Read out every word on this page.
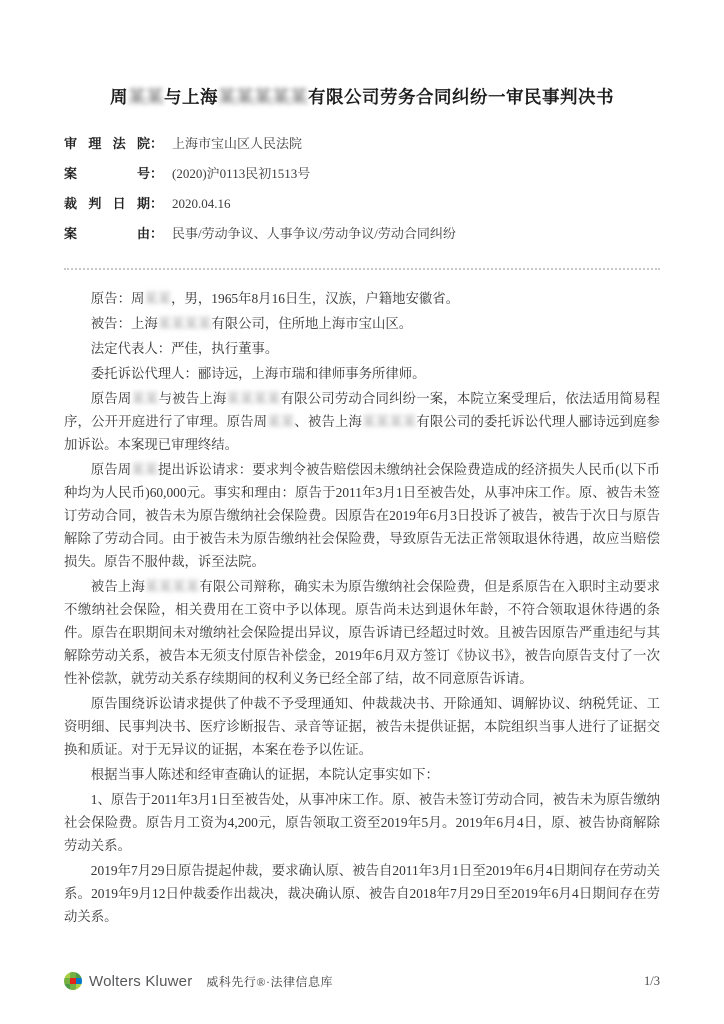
周某某与上海某某某某某有限公司劳务合同纠纷一审民事判决书
审 理 法 院 ： 上海市宝山区人民法院
案	号 ： (2020)沪0113民初1513号
裁 判 日 期 ： 2020.04.16
案	由 ： 民事/劳动争议、人事争议/劳动争议/劳动合同纠纷

原告：周某某，男，1965年8月16日生，汉族，户籍地安徽省。

被告：上海某某某某有限公司，住所地上海市宝山区。

法定代表人：严佳，执行董事。

委托诉讼代理人：郦诗远，上海市瑞和律师事务所律师。

原告周某某与被告上海某某某某有限公司劳动合同纠纷一案，本院立案受理后，依法适用简易程序，公开开庭进行了审理。原告周某某、被告上海某某某某有限公司的委托诉讼代理人郦诗远到庭参加诉讼。本案现已审理终结。

原告周某某提出诉讼请求：要求判令被告赔偿因未缴纳社会保险费造成的经济损失人民币(以下币种均为人民币)60,000元。事实和理由：原告于2011年3月1日至被告处，从事冲床工作。原、被告未签订劳动合同，被告未为原告缴纳社会保险费。因原告在2019年6月3日投诉了被告，被告于次日与原告解除了劳动合同。由于被告未为原告缴纳社会保险费，导致原告无法正常领取退休待遇，故应当赔偿损失。原告不服仲裁，诉至法院。

被告上海某某某某有限公司辩称，确实未为原告缴纳社会保险费，但是系原告在入职时主动要求不缴纳社会保险，相关费用在工资中予以体现。原告尚未达到退休年龄，不符合领取退休待遇的条件。原告在职期间未对缴纳社会保险提出异议，原告诉请已经超过时效。且被告因原告严重违纪与其解除劳动关系，被告本无须支付原告补偿金，2019年6月双方签订《协议书》，被告向原告支付了一次性补偿款，就劳动关系存续期间的权利义务已经全部了结，故不同意原告诉请。

原告围绕诉讼请求提供了仲裁不予受理通知、仲裁裁决书、开除通知、调解协议、纳税凭证、工资明细、民事判决书、医疗诊断报告、录音等证据，被告未提供证据，本院组织当事人进行了证据交换和质证。对于无异议的证据，本案在卷予以佐证。

根据当事人陈述和经审查确认的证据，本院认定事实如下：

1、原告于2011年3月1日至被告处，从事冲床工作。原、被告未签订劳动合同，被告未为原告缴纳社会保险费。原告月工资为4,200元，原告领取工资至2019年5月。2019年6月4日，原、被告协商解除劳动关系。

2019年7月29日原告提起仲裁，要求确认原、被告自2011年3月1日至2019年6月4日期间存在劳动关系。2019年9月12日仲裁委作出裁决，裁决确认原、被告自2018年7月29日至2019年6月4日期间存在劳动关系。

Wolters Kluwer 威科先行®·法律信息库	1/3
